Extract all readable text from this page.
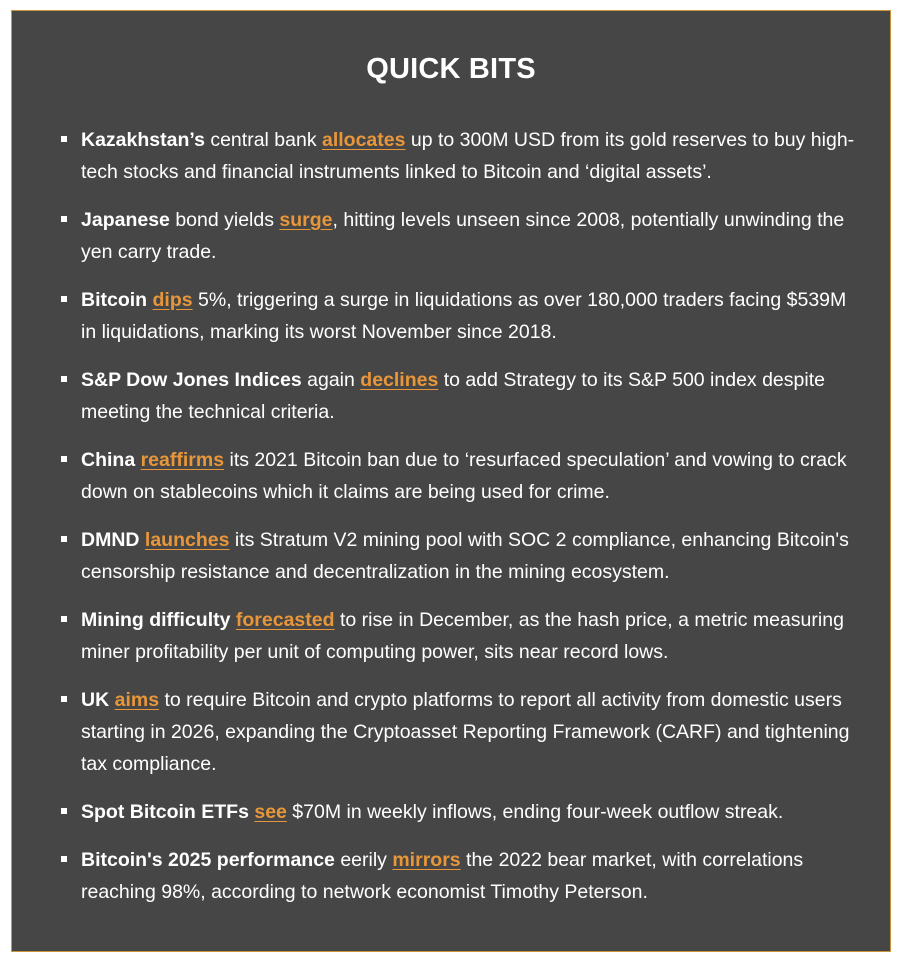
QUICK BITS
Kazakhstan’s central bank allocates up to 300M USD from its gold reserves to buy high-tech stocks and financial instruments linked to Bitcoin and ‘digital assets’.
Japanese bond yields surge, hitting levels unseen since 2008, potentially unwinding the yen carry trade.
Bitcoin dips 5%, triggering a surge in liquidations as over 180,000 traders facing $539M in liquidations, marking its worst November since 2018.
S&P Dow Jones Indices again declines to add Strategy to its S&P 500 index despite meeting the technical criteria.
China reaffirms its 2021 Bitcoin ban due to ‘resurfaced speculation’ and vowing to crack down on stablecoins which it claims are being used for crime.
DMND launches its Stratum V2 mining pool with SOC 2 compliance, enhancing Bitcoin's censorship resistance and decentralization in the mining ecosystem.
Mining difficulty forecasted to rise in December, as the hash price, a metric measuring miner profitability per unit of computing power, sits near record lows.
UK aims to require Bitcoin and crypto platforms to report all activity from domestic users starting in 2026, expanding the Cryptoasset Reporting Framework (CARF) and tightening tax compliance.
Spot Bitcoin ETFs see $70M in weekly inflows, ending four-week outflow streak.
Bitcoin's 2025 performance eerily mirrors the 2022 bear market, with correlations reaching 98%, according to network economist Timothy Peterson.
